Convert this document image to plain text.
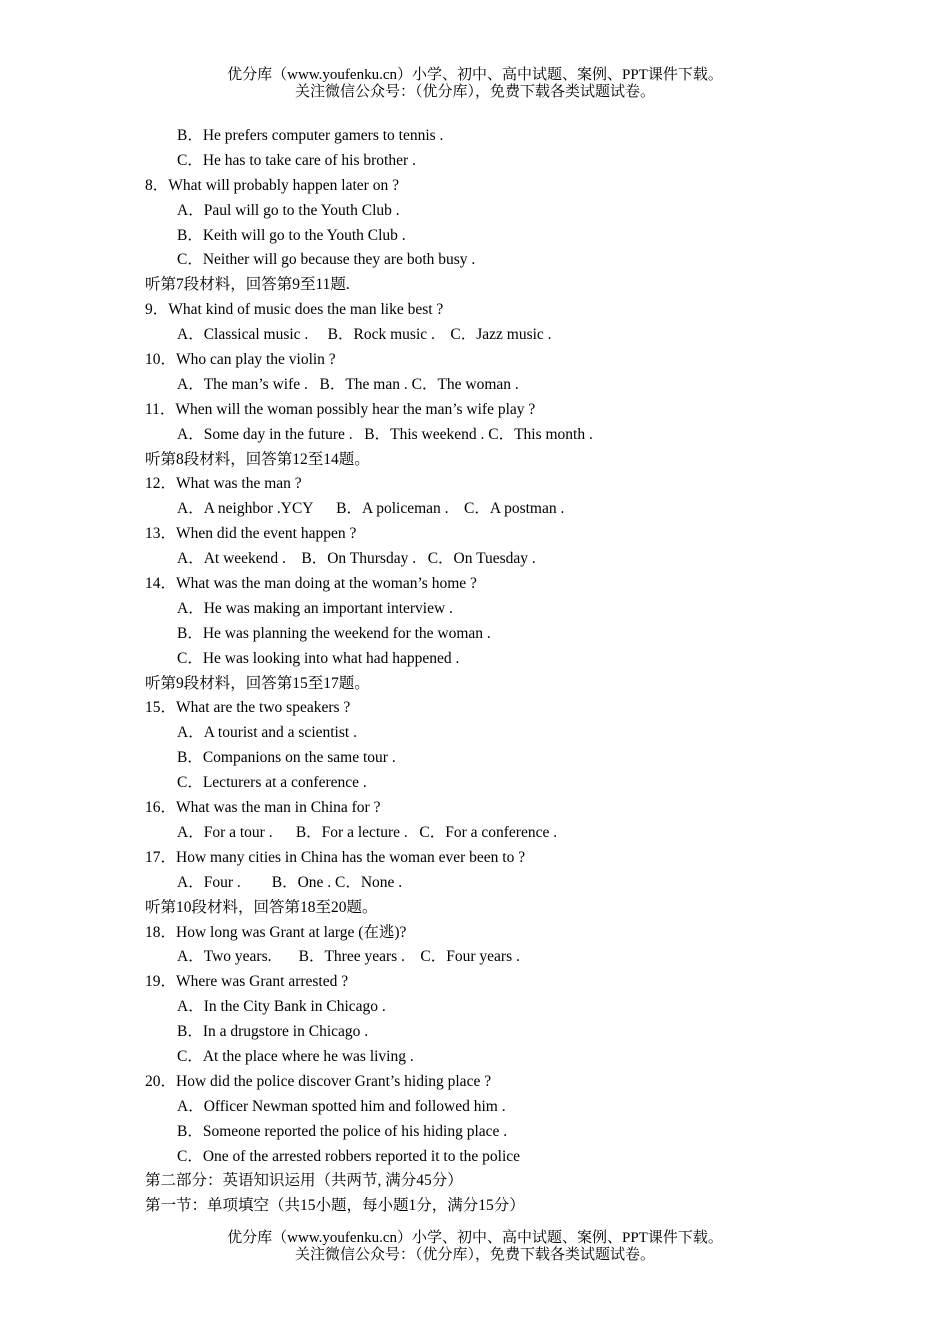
优分库（www.youfenku.cn）小学、初中、高中试题、案例、PPT课件下载。
关注微信公众号：（优分库），免费下载各类试题试卷。
B．He prefers computer gamers to tennis .
C．He has to take care of his brother .
8．What will probably happen later on ?
A．Paul will go to the Youth Club .
B．Keith will go to the Youth Club .
C．Neither will go because they are both busy .
听第7段材料，回答第9至11题.
9．What kind of music does the man like best ?
A．Classical music .     B．Rock music .    C．Jazz music .
10．Who can play the violin ?
A．The man’s wife .   B．The man . C．The woman .
11．When will the woman possibly hear the man’s wife play ?
A．Some day in the future .   B．This weekend . C．This month .
听第8段材料，回答第12至14题。
12．What was the man ?
A．A neighbor .YCY      B．A policeman .    C．A postman .
13．When did the event happen ?
A．At weekend .    B．On Thursday .   C．On Tuesday .
14．What was the man doing at the woman’s home ?
A．He was making an important interview .
B．He was planning the weekend for the woman .
C．He was looking into what had happened .
听第9段材料，回答第15至17题。
15．What are the two speakers ?
A．A tourist and a scientist .
B．Companions on the same tour .
C．Lecturers at a conference .
16．What was the man in China for ?
A．For a tour .      B．For a lecture .   C．For a conference .
17．How many cities in China has the woman ever been to ?
A．Four .        B．One . C．None .
听第10段材料，回答第18至20题。
18．How long was Grant at large (在逃)?
A．Two years.       B．Three years .    C．Four years .
19．Where was Grant arrested ?
A．In the City Bank in Chicago .
B．In a drugstore in Chicago .
C．At the place where he was living .
20．How did the police discover Grant’s hiding place ?
A．Officer Newman spotted him and followed him .
B．Someone reported the police of his hiding place .
C．One of the arrested robbers reported it to the police
第二部分：英语知识运用（共两节, 满分45分）
第一节：单项填空（共15小题，每小题1分，满分15分）
优分库（www.youfenku.cn）小学、初中、高中试题、案例、PPT课件下载。
关注微信公众号：（优分库），免费下载各类试题试卷。
